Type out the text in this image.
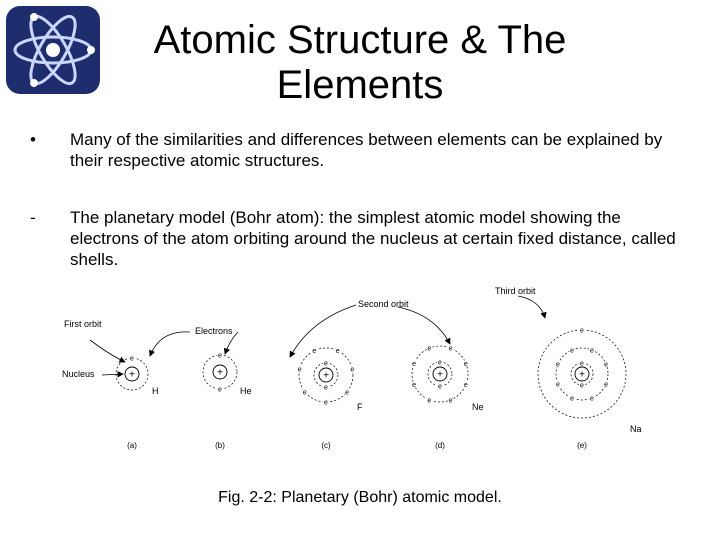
Atomic Structure & The
Elements
• Many of the similarities and differences between elements can be explained by their respective atomic structures.
- The planetary model (Bohr atom): the simplest atomic model showing the electrons of the atom orbiting around the nucleus at certain fixed distance, called shells.
First orbit
Nucleus
Electrons
Second orbit
Third orbit
+
e
H
(a)
+
e
e He
(b)
+
e
e
e
e
e
e
e
e
e
F
(c)
+
e
e
e
e
e
e
e
e
e
e
Ne
(d)
+
e
e
e
e
e
e
e
e
e
e
e
Na
(e)
Fig. 2-2: Planetary (Bohr) atomic model.
